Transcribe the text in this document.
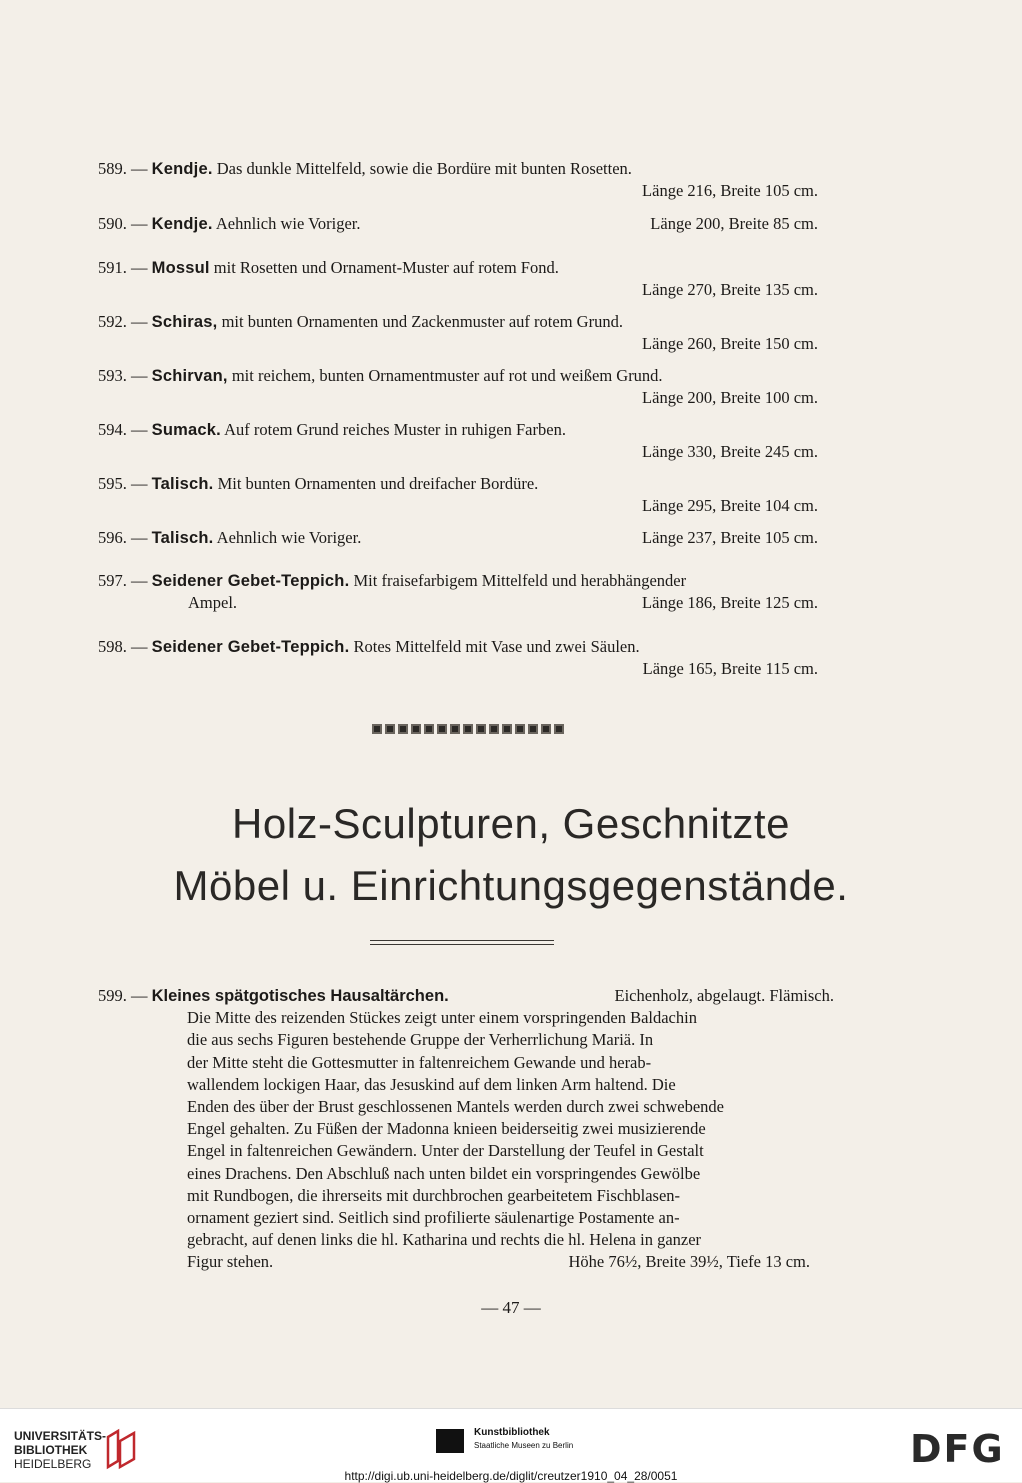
589. — Kendje. Das dunkle Mittelfeld, sowie die Bordüre mit bunten Rosetten.
Länge 216, Breite 105 cm.
590. — Kendje. Aehnlich wie Voriger.	Länge 200, Breite 85 cm.
591. — Mossul mit Rosetten und Ornament-Muster auf rotem Fond.
Länge 270, Breite 135 cm.
592. — Schiras, mit bunten Ornamenten und Zackenmuster auf rotem Grund.
Länge 260, Breite 150 cm.
593. — Schirvan, mit reichem, bunten Ornamentmuster auf rot und weißem Grund.
Länge 200, Breite 100 cm.
594. — Sumack. Auf rotem Grund reiches Muster in ruhigen Farben.
Länge 330, Breite 245 cm.
595. — Talisch. Mit bunten Ornamenten und dreifacher Bordüre.
Länge 295, Breite 104 cm.
596. — Talisch. Aehnlich wie Voriger.	Länge 237, Breite 105 cm.
597. — Seidener Gebet-Teppich. Mit fraisefarbigem Mittelfeld und herabhängender
Ampel.	Länge 186, Breite 125 cm.
598. — Seidener Gebet-Teppich. Rotes Mittelfeld mit Vase und zwei Säulen.
Länge 165, Breite 115 cm.
Holz-Sculpturen, Geschnitzte
Möbel u. Einrichtungsgegenstände.
599. — Kleines spätgotisches Hausaltärchen.	Eichenholz, abgelaugt. Flämisch.
Die Mitte des reizenden Stückes zeigt unter einem vorspringenden Baldachin
die aus sechs Figuren bestehende Gruppe der Verherrlichung Mariä. In
der Mitte steht die Gottesmutter in faltenreichem Gewande und herab-
wallendem lockigen Haar, das Jesuskind auf dem linken Arm haltend. Die
Enden des über der Brust geschlossenen Mantels werden durch zwei schwebende
Engel gehalten. Zu Füßen der Madonna knieen beiderseitig zwei musizierende
Engel in faltenreichen Gewändern. Unter der Darstellung der Teufel in Gestalt
eines Drachens. Den Abschluß nach unten bildet ein vorspringendes Gewölbe
mit Rundbogen, die ihrerseits mit durchbrochen gearbeitetem Fischblasen-
ornament geziert sind. Seitlich sind profilierte säulenartige Postamente an-
gebracht, auf denen links die hl. Katharina und rechts die hl. Helena in ganzer
Figur stehen.	Höhe 76½, Breite 39½, Tiefe 13 cm.
— 47 —
UNIVERSITÄTS-
BIBLIOTHEK
HEIDELBERG
Kunstbibliothek
Staatliche Museen zu Berlin	DFG
http://digi.ub.uni-heidelberg.de/diglit/creutzer1910_04_28/0051
